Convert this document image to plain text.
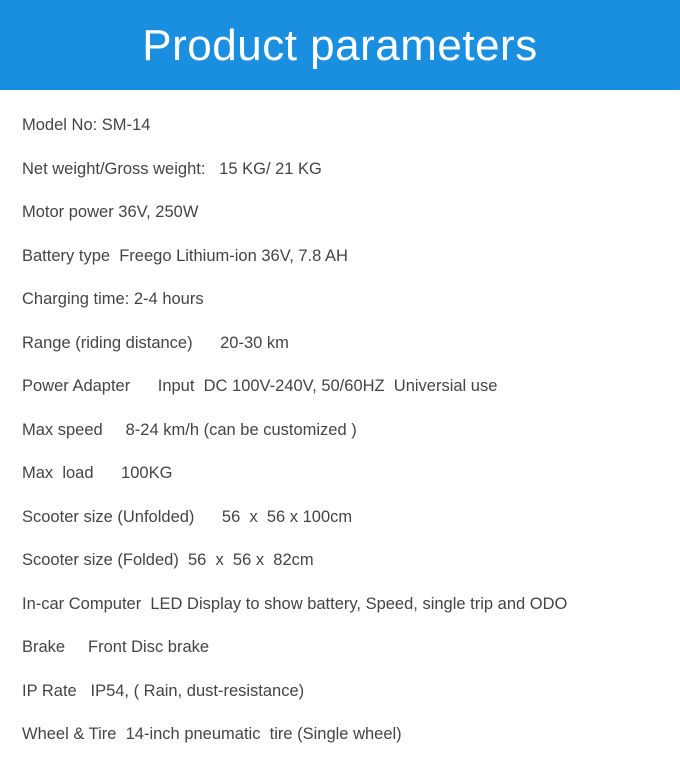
Product parameters
Model No: SM-14
Net weight/Gross weight:   15 KG/ 21 KG
Motor power 36V, 250W
Battery type  Freego Lithium-ion 36V, 7.8 AH
Charging time: 2-4 hours
Range (riding distance)      20-30 km
Power Adapter      Input  DC 100V-240V, 50/60HZ  Universial use
Max speed     8-24 km/h (can be customized )
Max  load      100KG
Scooter size (Unfolded)      56  x  56 x 100cm
Scooter size (Folded)  56  x  56 x  82cm
In-car Computer  LED Display to show battery, Speed, single trip and ODO
Brake     Front Disc brake
IP Rate   IP54, ( Rain, dust-resistance)
Wheel & Tire  14-inch pneumatic  tire (Single wheel)
